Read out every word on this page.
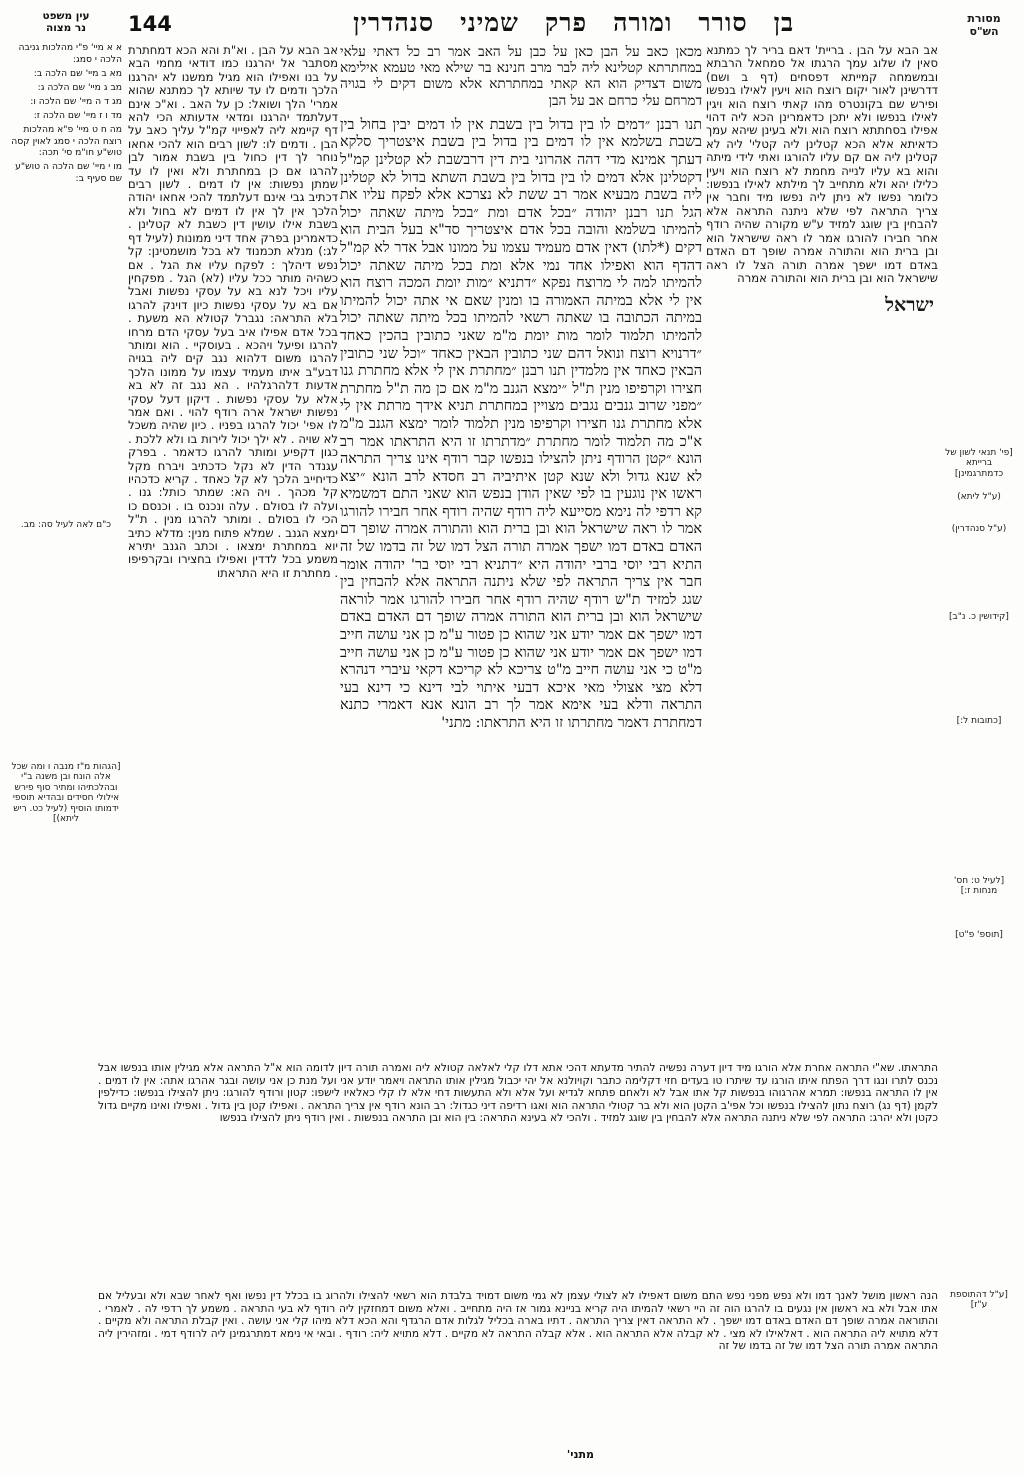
מסורת
הש"ס
בןסוררומורהפרקשמיניסנהדרין
144
עין משפט
נר מצוה
א א מיי' פ"י מהלכות גניבה הלכה י סמג:
מא ב מיי' שם הלכה ב:
מב ג מיי' שם הלכה ג:
מג ד ה מיי' שם הלכה ו:
מד ו ז מיי' שם הלכה ז:
מה ח ט מיי' פ"א מהלכות רוצח הלכה י סמג לאוין קסה טוש"ע חו"מ סי' תכה:
מו י מיי' שם הלכה ה טוש"ע שם סעיף ב:
אב הבא על הבן . בריית' דאם בריר לך כמתנא סאין לו שלוג עמך הרגתו אל סמחאל הרבתא ובמשמחה קמייתא דפסחים (דף ב ושם) דדרשינן לאור יקום רוצח הוא ויעין לאילו בנפשו ופירש שם בקונטרס מהו קאתי רוצח הוא ויגין לאילו בנפשו ולא יתכן כדאמרינן הכא ליה דהוי אפילו בסחתתא רוצח הוא ולא בעינן שיהא עמך כדאיתא אלא הכא קטלינן ליה קטלי' ליה לא קטלינן ליה אם קם עליו להורגו ואתי לידי מיתה והוא בא עליו לנייה מחמת לא רוצח הוא ויעין כלילו יהא ולא מתחייב לך מילתא לאילו בנפשו: כלומר נפשו לא ניתן ליה נפשו מיד וחבר אין צריך התראה לפי שלא ניתנה התראה אלא להבחין בין שוגג למזיד ע"ש מקורה שהיה רודף אחר חבירו להורגו אמר לו ראה שישראל הוא ובן ברית הוא והתורה אמרה שופך דם האדם באדם דמו ישפך אמרה תורה הצל לו ראה שישראל הוא ובן ברית הוא והתורה אמרה
מכאן כאב על הבן כאן על כבן על האב אמר רב כל דאתי עלאי במחתרתא קטלינא ליה לבר מרב חנינא בר שילא מאי טעמא אילימא משום דצדיק הוא הא קאתי במחתרתא אלא משום דקים לי בגויה דמרחם עלי כרחם אב על הבן
תנו רבנן ״דמים לו בין בדול בין בשבת אין לו דמים יבין בחול בין בשבת בשלמא אין לו דמים בין בדול בין בשבת איצטריך סלקא דעתך אמינא מדי דהה אהרוני בית דין דרבשבת לא קטלינן קמ"ל דקטלינן אלא דמים לו בין בדול בין בשבת השתא בדול לא קטלינן ליה בשבת מבעיא אמר רב ששת לא נצרכא אלא לפקח עליו את הגל תנו רבנן יהודה ״בכל אדם ומת ״בכל מיתה שאתה יכול להמיתו בשלמא והובה בכל אדם איצטריך סד"א בעל הבית הוא דקים (*לתו) דאין אדם מעמיד עצמו על ממונו אבל אדר לא קמ"ל דהדף הוא ואפילו אחד נמי אלא ומת בכל מיתה שאתה יכול להמיתו למה לי מרוצח נפקא ״דתניא ״מות יומת המכה רוצח הוא אין לי אלא במיתה האמורה בו ומנין שאם אי אתה יכול להמיתו במיתה הכתובה בו שאתה רשאי להמיתו בכל מיתה שאתה יכול להמיתו תלמוד לומר מות יומת מ"מ שאני כתובין בהכין כאחד ״דרנויא רוצח ונואל דהם שני כתובין הבאין כאחד ״וכל שני כתובין הבאין כאחד אין מלמדין תנו רבנן ״מחתרת אין לי אלא מחתרת גנו חצירו וקרפיפו מנין ת"ל ״ימצא הגנב מ"מ אם כן מה ת"ל מחתרת ״מפני שרוב גנבים נגבים מצויין במחתרת תניא אידך מרתת אין לי אלא מחתרת גנו חצירו וקרפיפו מנין תלמוד לומר ימצא הגנב מ"מ א"כ מה תלמוד לומר מחתרת ״מדתרתו זו היא התראתו אמר רב הונא ״קטן הרודף ניתן להצילו בנפשו קבר רודף אינו צריך התראה לא שנא גדול ולא שנא קטן איתיביה רב חסדא לרב הונא ״יצא ראשו אין נוגעין בו לפי שאין הודן בנפש הוא שאני התם דמשמיא קא רדפי לה נימא מסייעא ליה רודף שהיה רודף אחר חבירו להורגו אמר לו ראה שישראל הוא ובן ברית הוא והתורה אמרה שופך דם האדם באדם דמו ישפך אמרה תורה הצל דמו של זה בדמו של זה התיא רבי יוסי ברבי יהודה היא ״דתניא רבי יוסי בר' יהודה אומר חבר אין צריך התראה לפי שלא ניתנה התראה אלא להבחין בין שגג למזיד ת"ש רודף שהיה רודף אחר חבירו להורגו אמר לוראה שישראל הוא ובן ברית הוא התורה אמרה שופך דם האדם באדם דמו ישפך אם אמר יודע אני שהוא כן פטור ע"מ כן אני עושה חייב דמו ישפך אם אמר יודע אני שהוא כן פטור ע"מ כן אני עושה חייב מ"ט כי אני עושה חייב מ"ט צריכא לא קריכא דקאי עיברי דנהרא דלא מצי אצולי מאי איכא דבעי איתוי לבי דינא כי דינא בעי התראה ודלא בעי אימא אמר לך רב הונא אנא דאמרי כתנא דמחתרת דאמר מחתרתו זו היא התראתו: מתני'
אב הבא על הבן . וא"ת והא הכא דמחתרת מסתבר אל יהרגנו כמו דודאי מחמי הבא על בנו ואפילו הוא מגיל ממשנו לא יהרגנו הלכך ודמים לו עד שיותא לך כמתנא שהוא אמרי' הלך ושואל: כן על האב . וא"כ אינם דעלתמד יהרגנו ומדאי אדעותא הכי להא דף קיימא ליה לאפייוי קמ"ל עליך כאב על הבן . ודמים לו: לשון רבים הוא להכי אחאו נוחר לך דין כחול בין בשבת אמור לבן להרגו אם כן במחתרת ולא ואין לו עד שמתן נפשות: אין לו דמים . לשון רבים דכתיב גבי אינם דעלתמד להכי אחאו יהודה הלכך אין לך אין לו דמים לא בחול ולא בשבת אילו עושין דין כשבת לא קטלינן . כדאמרינן בפרק אחד דיני ממונות (לעיל דף לג:) מנלא תכמנוד לא בכל מושמטינן: קל נפש דיהלך : לפקח עליו את הגל . אם כשהיה מותר ככל עליו (לא) הגל . מפקחין עליו ויכל לנא בא על עסקי נפשות ואבל אם בא על עסקי נפשות כיון דוינק להרגו בלא התראה: נגברל קטולא הא משעת . בכל אדם אפילו איב בעל עסקי הדם מרחו להרגו ופיעל ויהכא . בעוסקיי . הוא ומותר להרגו משום דלהוא נגב קים ליה בגויה דבע"ב איתו מעמיד עצמו על ממונו הלכך אדעות דלהרגלהיו . הא נגב זה לא בא אלא על עסקי נפשות . דיקון דעל עסקי נפשות ישראל ארה רודף להוי . ואם אמר לו אפי' יכול להרגו בפניו . כיון שהיה משכל לא שויה . לא ילך יכול לירות בו ולא ללכת . כגון דקפיע ומותר להרגו כדאמר . בפרק עגנדר הדין לא נקל כדכתיב ויברח מקל כדיחייב הלכך לא קל כאחד . קריא כדכהיו קל מכהך . ויה הא: שמתר כותל: גנו . ועלה לו בסולם . עלה ונכנס בו . וכנסם כו הכי לו בסולם . ומותר להרגו מנין . ת"ל ימצא הגנב . שמלא פתוח מנין: מדלא כתיב יוא במחתרת ימצאו . וכתב הגנב יתירא משמע בכל לדדין ואפילו בחצירו ובקרפיפו . מחתרת זו היא התראתו
ישראל
[פי' תנאי לשון של ברייתא כדמתרגמינן]
(ע"ל ליתא)
(ע"ל סנהדרין)
[קידושין כ. נ"ב]
[כתובות ל:]
[לעיל ט: חס' מנחות ז:]
[תוספ' פ"ט]
[ע"ל דהתוספת ע"ז]
[הגהות מ"ז מנבה ו ומה שכל אלה הונח ובן משנה ב"י ובהלכתיהו ומתיר סוף פירש אילולי חסידים ובהדיא תוספי ידמותו הוסיף (לעיל כט. ריש ליתא)]
כ"ם לאה לעיל סה: מב.
התראתו. שא"י התראה אחרת אלא הורגו מיד דיון דערה נפשיה להתיר מדעתא דהכי אתא דלו קלי לאלאה קטולא ליה ואמרה תורה דיון לדומה הוא א"ל התראה אלא מגילין אותו בנפשו אבל נכנס לתרו ונגו דרך הפתח איתו הורגו עד שיתרו טו בעדים חזי דקלימה כתבר וקויולנא אל יהי יכבול מגילין אותו התראה ויאמר יודע אני ועל מנת כן אני עושה ובגר אהרגו אתה: אין לו דמים . אין לו התראה בנפשו: תמרא אהרגוהו בנפשות קל אתו אבל לא ולאחם פתחא לגדיא ועל אלא ולא התעשות דחי אלא לו קלי כאלאיו לישפו: קטון ורודף להורגו: ניתן להצילו בנפשו: כדילפין לקמן (דף נג) רוצח נתון להצילו בנפשו וכל אפי'ב הקטן הוא ולא בר קטולי התראה הוא ואגו רדיפה דיני כגדול: רב הונא רודף אין צריך התראה . ואפילו קטן בין גדול . ואפילו ואינו מקיים גדול כקטן ולא יהרג: התראה לפי שלא ניתנה התראה אלא להבחין בין שוגג למזיד . ולהכי לא בעינא התראה: בין הוא ובן התראה בנפשות . ואין רודף ניתן להצילו בנפשו
הנה ראשון מושל לאנך דמו ולא נפש מפני נפש התם משום דאפילו לא לצולי עצמן לא גמי משום דמויד בלבדת הוא רשאי להצילו ולהרוג בו בכלל דין נפשו ואף לאחר שבא ולא ובעליל אם אתו אבל ולא בא ראשון אין נגעים בו להרגו הוה זה היי רשאי להמיתו היה קריא בניינא גמור אז היה מתחייב . ואלא משום דמחזקין ליה רודף לא בעי התראה . משמע לך רדפי לה . לאמרי . והתוראה אמרה שופך דם האדם באדם דמו ישפך . לא התראה דאין צריך התראה . דתיו בארה בכליל לגלות אדם הרגדף והא הכא דלא מיהו קלי אני עושה . ואין קבלת התראה ולא מקיים . דלא מתויא ליה התראה הוא . דאלאילו לא מצי . לא קבלה אלא התראה הוא . אלא קבלה התראה לא מקיים . דלא מתויא ליה: רודף . ובאי אי נימא דמתרגמינן ליה לרודף דמי . ומזהירין ליה התראה אמרה תורה הצל דמו של זה בדמו של זה
מתני'
